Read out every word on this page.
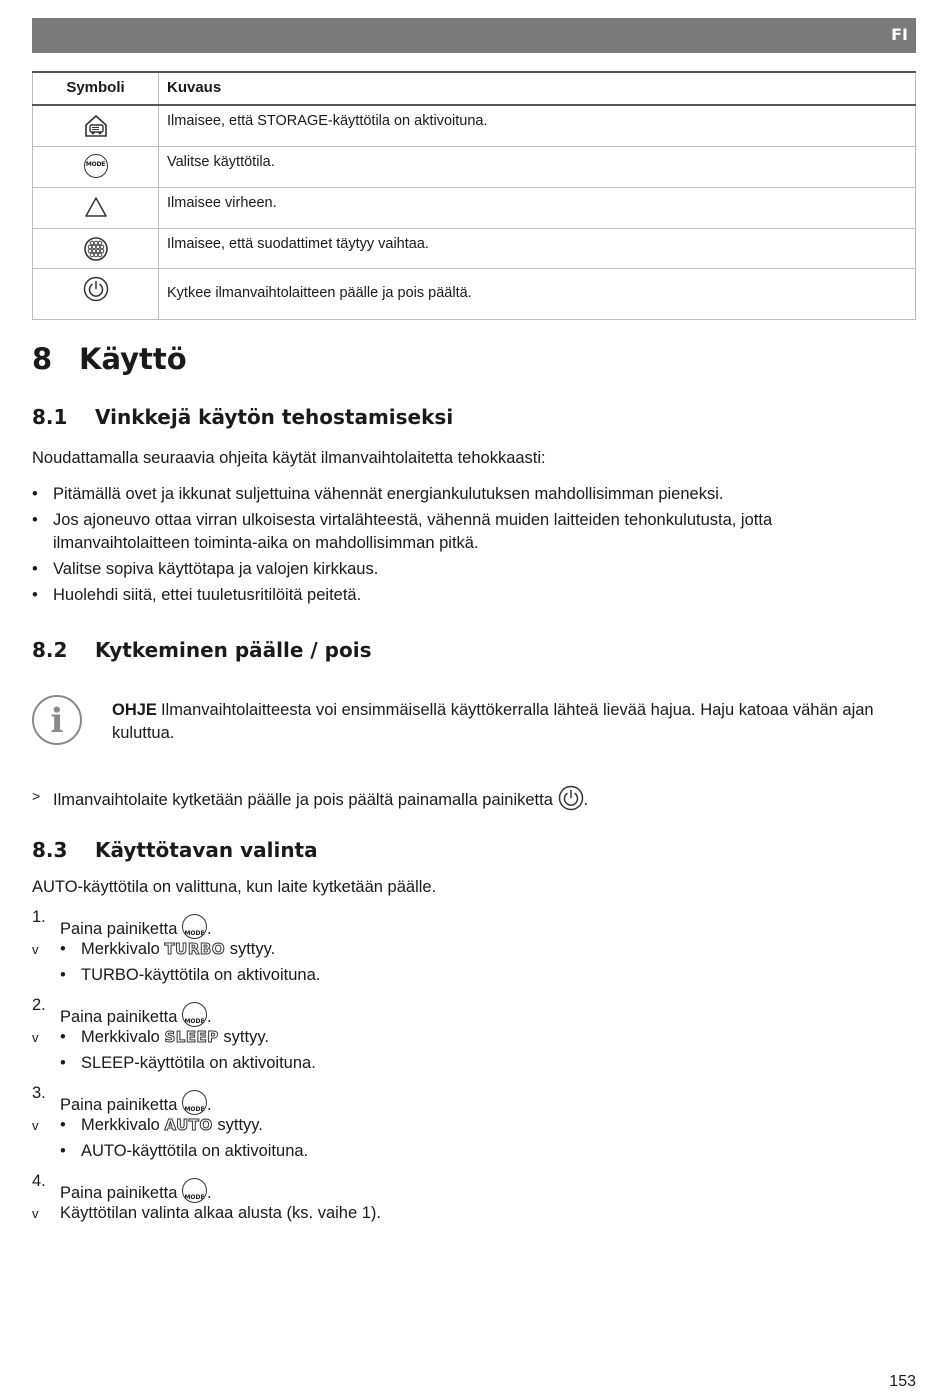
FI
Symboli	Kuvaus
	Ilmaisee, että STORAGE-käyttötila on aktivoituna.

MODE	Valitse käyttötila.
	Ilmaisee virheen.
	Ilmaisee, että suodattimet täytyy vaihtaa.
	Kytkee ilmanvaihtolaitteen päälle ja pois päältä.
8 Käyttö
8.1 Vinkkejä käytön tehostamiseksi
Noudattamalla seuraavia ohjeita käytät ilmanvaihtolaitetta tehokkaasti:
• Pitämällä ovet ja ikkunat suljettuina vähennät energiankulutuksen mahdollisimman pieneksi.
• Jos ajoneuvo ottaa virran ulkoisesta virtalähteestä, vähennä muiden laitteiden tehonkulutusta, jotta ilmanvaihtolaitteen toiminta-aika on mahdollisimman pitkä.
• Valitse sopiva käyttötapa ja valojen kirkkaus.
• Huolehdi siitä, ettei tuuletusritilöitä peitetä.
8.2 Kytkeminen päälle / pois
i	OHJE Ilmanvaihtolaitteesta voi ensimmäisellä käyttökerralla lähteä lievää hajua. Haju katoaa vähän ajan kuluttua.
> Ilmanvaihtolaite kytketään päälle ja pois päältä painamalla painiketta .
8.3 Käyttötavan valinta
AUTO-käyttötila on valittuna, kun laite kytketään päälle.
1.Paina painiketta MODE .
v • Merkkivalo TURBO syttyy.
• TURBO-käyttötila on aktivoituna.
2.Paina painiketta MODE .
v • Merkkivalo SLEEP syttyy.
• SLEEP-käyttötila on aktivoituna.
3.Paina painiketta MODE .
v • Merkkivalo AUTO syttyy.
• AUTO-käyttötila on aktivoituna.
4.Paina painiketta MODE .
v Käyttötilan valinta alkaa alusta (ks. vaihe 1).
153
